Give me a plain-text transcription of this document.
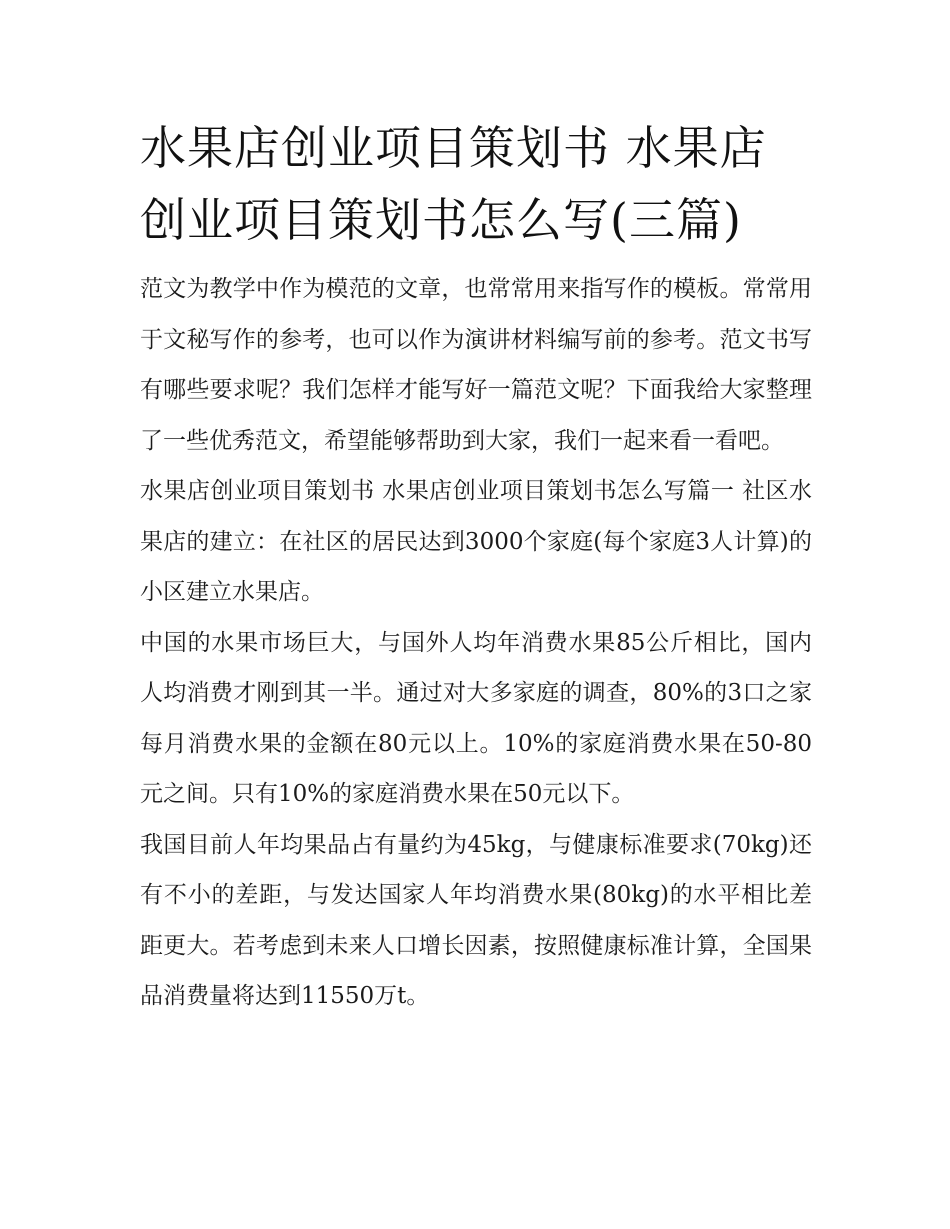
水果店创业项目策划书 水果店创业项目策划书怎么写(三篇)

范文为教学中作为模范的文章，也常常用来指写作的模板。常常用于文秘写作的参考，也可以作为演讲材料编写前的参考。范文书写有哪些要求呢？我们怎样才能写好一篇范文呢？下面我给大家整理了一些优秀范文，希望能够帮助到大家，我们一起来看一看吧。

水果店创业项目策划书 水果店创业项目策划书怎么写篇一 社区水果店的建立：在社区的居民达到3000个家庭(每个家庭3人计算)的小区建立水果店。

中国的水果市场巨大，与国外人均年消费水果85公斤相比，国内人均消费才刚到其一半。通过对大多家庭的调查，80%的3口之家每月消费水果的金额在80元以上。10%的家庭消费水果在50-80元之间。只有10%的家庭消费水果在50元以下。

我国目前人年均果品占有量约为45kg，与健康标准要求(70kg)还有不小的差距，与发达国家人年均消费水果(80kg)的水平相比差距更大。若考虑到未来人口增长因素，按照健康标准计算，全国果品消费量将达到11550万t。
